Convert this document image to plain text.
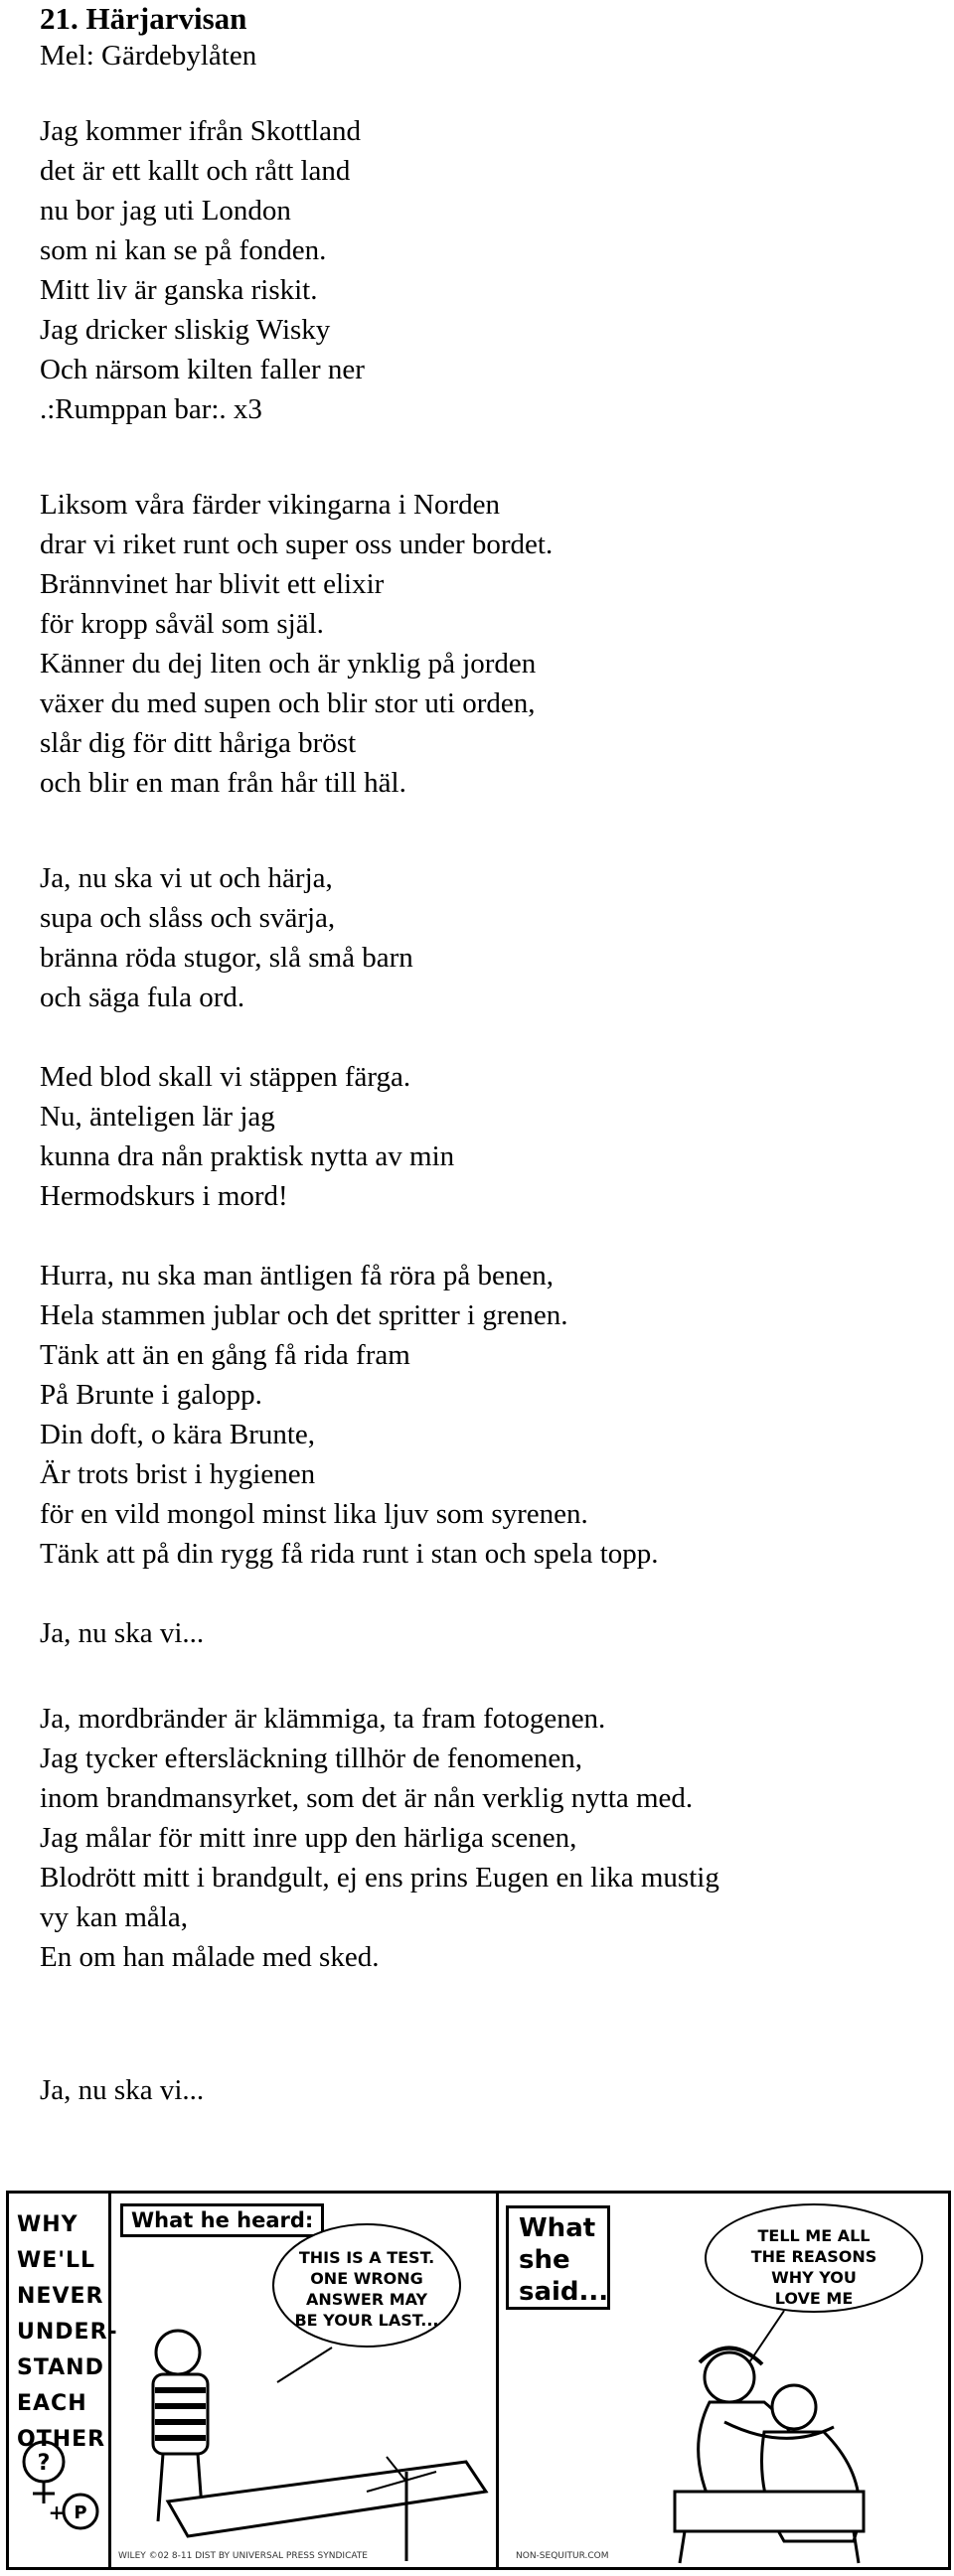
21. Härjarvisan
Mel: Gärdebylåten
Jag kommer ifrån Skottland
det är ett kallt och rått land
nu bor jag uti London
som ni kan se på fonden.
Mitt liv är ganska riskit.
Jag dricker sliskig Wisky
Och närsom kilten faller ner
.:Rumppan bar:. x3
Liksom våra färder vikingarna i Norden
drar vi riket runt och super oss under bordet.
Brännvinet har blivit ett elixir
för kropp såväl som själ.
Känner du dej liten och är ynklig på jorden
växer du med supen och blir stor uti orden,
slår dig för ditt håriga bröst
och blir en man från hår till häl.
Ja, nu ska vi ut och härja,
supa och slåss och svärja,
bränna röda stugor, slå små barn
och säga fula ord.
Med blod skall vi stäppen färga.
Nu, änteligen lär jag
kunna dra nån praktisk nytta av min
Hermodskurs i mord!
Hurra, nu ska man äntligen få röra på benen,
Hela stammen jublar och det spritter i grenen.
Tänk att än en gång få rida fram
På Brunte i galopp.
Din doft, o kära Brunte,
Är trots brist i hygienen
för en vild mongol minst lika ljuv som syrenen.
Tänk att på din rygg få rida runt i stan och spela topp.
Ja, nu ska vi...
Ja, mordbränder är klämmiga, ta fram fotogenen.
Jag tycker eftersläckning tillhör de fenomenen,
inom brandmansyrket, som det är nån verklig nytta med.
Jag målar för mitt inre upp den härliga scenen,
Blodrött mitt i brandgult, ej ens prins Eugen en lika mustig
vy kan måla,
En om han målade med sked.
Ja, nu ska vi...
WHY
WE'LL
NEVER
UNDER-
STAND
EACH
OTHER
?
P
+
What he heard:
THIS IS A TEST.
ONE WRONG
ANSWER MAY
BE YOUR LAST...
WILEY ©02 8-11 DIST BY UNIVERSAL PRESS SYNDICATE
What
she
said...
TELL ME ALL
THE REASONS
WHY YOU
LOVE ME
NON-SEQUITUR.COM
